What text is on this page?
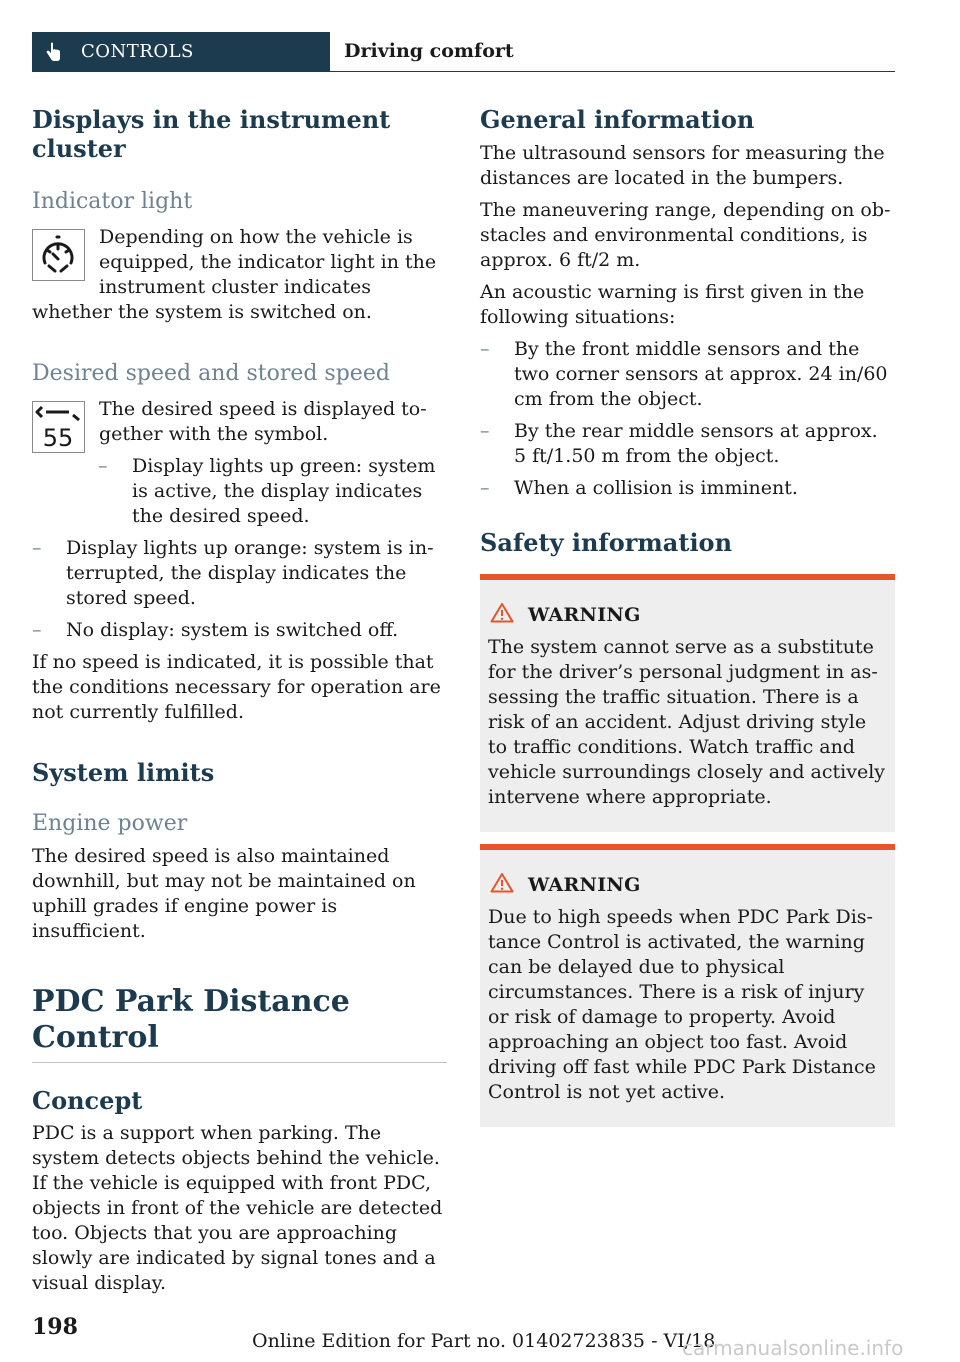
CONTROLS	Driving comfort
Displays in the instrument cluster
Indicator light

Depending on how the vehicle is equipped, the indicator light in the instrument cluster indicates whether the system is switched on.

Desired speed and stored speed
55

The desired speed is displayed together with the symbol.

– Display lights up green: system is active, the display indicates the desired speed.
– Display lights up orange: system is interrupted, the display indicates the stored speed.
– No display: system is switched off.

If no speed is indicated, it is possible that the conditions necessary for operation are not currently fulfilled.

System limits
Engine power

The desired speed is also maintained downhill, but may not be maintained on uphill grades if engine power is insufficient.

PDC Park Distance Control
Concept

PDC is a support when parking. The system detects objects behind the vehicle. If the vehicle is equipped with front PDC, objects in front of the vehicle are detected too. Objects that you are approaching slowly are indicated by signal tones and a visual display.

General information

The ultrasound sensors for measuring the distances are located in the bumpers.

The maneuvering range, depending on obstacles and environmental conditions, is approx. 6 ft/2 m.

An acoustic warning is first given in the following situations:

– By the front middle sensors and the two corner sensors at approx. 24 in/60 cm from the object.
– By the rear middle sensors at approx. 5 ft/1.50 m from the object.
– When a collision is imminent.
Safety information
WARNING

The system cannot serve as a substitute for the driver’s personal judgment in assessing the traffic situation. There is a risk of an accident. Adjust driving style to traffic conditions. Watch traffic and vehicle surroundings closely and actively intervene where appropriate.

WARNING

Due to high speeds when PDC Park Distance Control is activated, the warning can be delayed due to physical circumstances. There is a risk of injury or risk of damage to property. Avoid approaching an object too fast. Avoid driving off fast while PDC Park Distance Control is not yet active.

198
Online Edition for Part no. 01402723835 - VI/18
carmanualsonline.info
